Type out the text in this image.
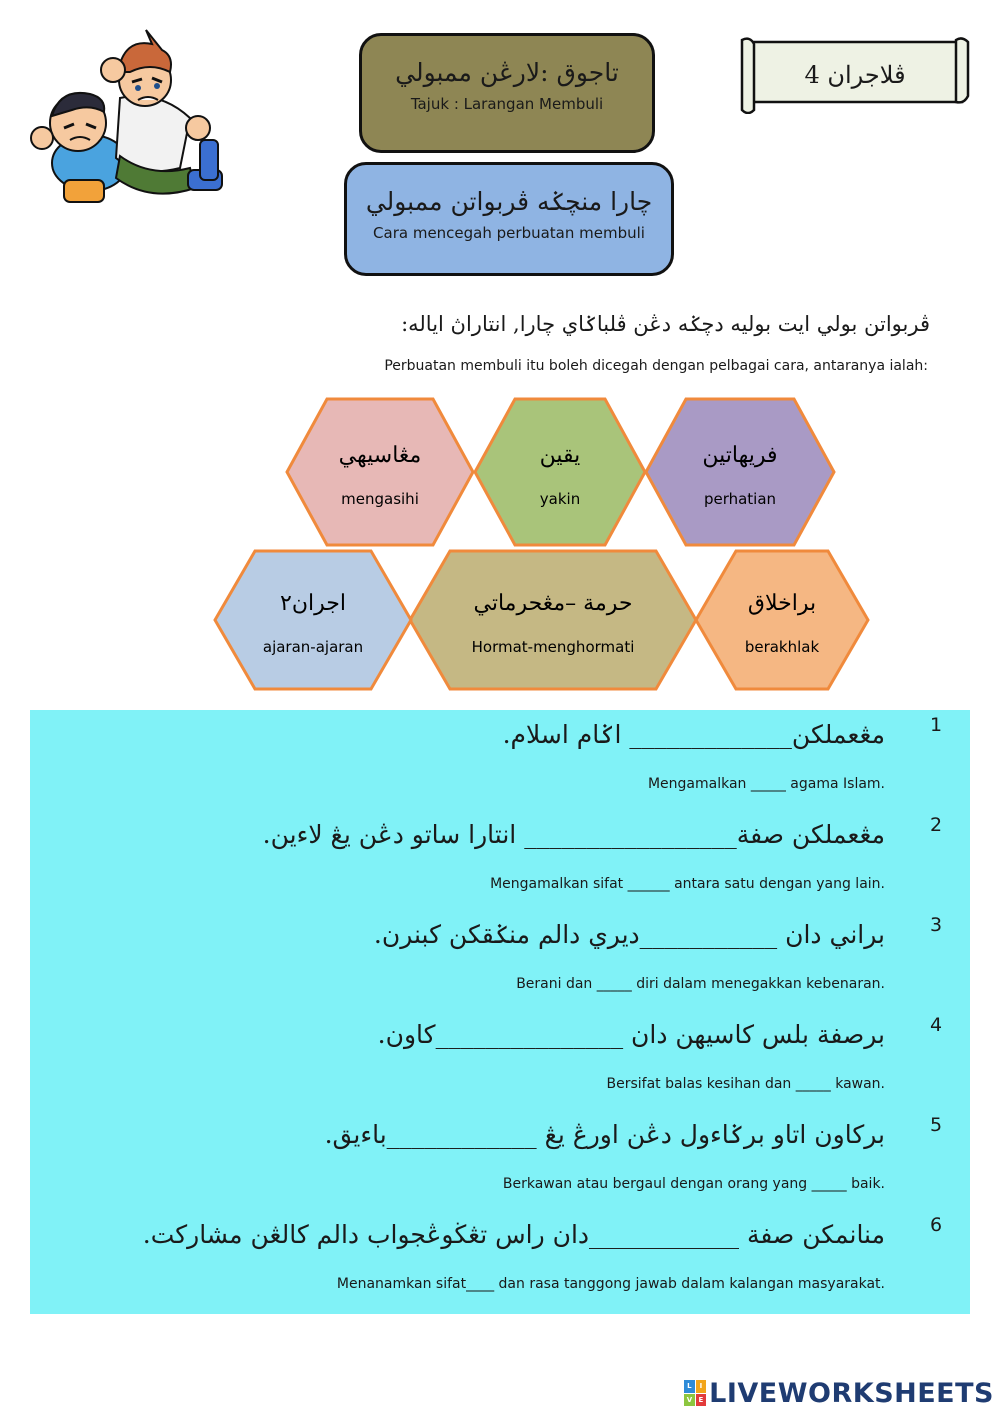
ڤلاجران 4
تاجوق :لارڠن ممبولي
Tajuk : Larangan Membuli
چارا منچݢه ڤربواتن ممبولي
Cara mencegah perbuatan membuli
ڤربواتن بولي ايت بوليه دچݢه دڠن ڤلباݢاي چارا, انتاراڽ اياله:
Perbuatan membuli itu boleh dicegah dengan pelbagai cara, antaranya ialah:
فريهاتين
perhatian
يقين
yakin
مڠاسيهي
mengasihi
براخلاق
berakhlak
حرمة –مڠحرماتي
Hormat-menghormati
اجران٢
ajaran-ajaran
1
مڠعملكن_____________ اݢام اسلام.
Mengamalkan _____ agama Islam.
2
مڠعملكن صفة_________________ انتارا ساتو دڠن يڠ لاءين.
Mengamalkan sifat ______ antara satu dengan yang lain.
3
براني دان ___________ديري دالم منݢقكن كبنرن.
Berani dan _____ diri dalam menegakkan kebenaran.
4
برصفة بلس كاسيهن دان _______________كاون.
Bersifat balas kesihan dan _____ kawan.
5
بركاون اتاو برݢاءول دڠن اورڠ يڠ ____________باءيق.
Berkawan atau bergaul dengan orang yang _____ baik.
6
منانمكن صفة ____________دان راس تڠڬوڠجواب دالم كالڠن مشاركت.
Menanamkan sifat____ dan rasa tanggong jawab dalam kalangan masyarakat.
L	I
V E LIVEWORKSHEETS
